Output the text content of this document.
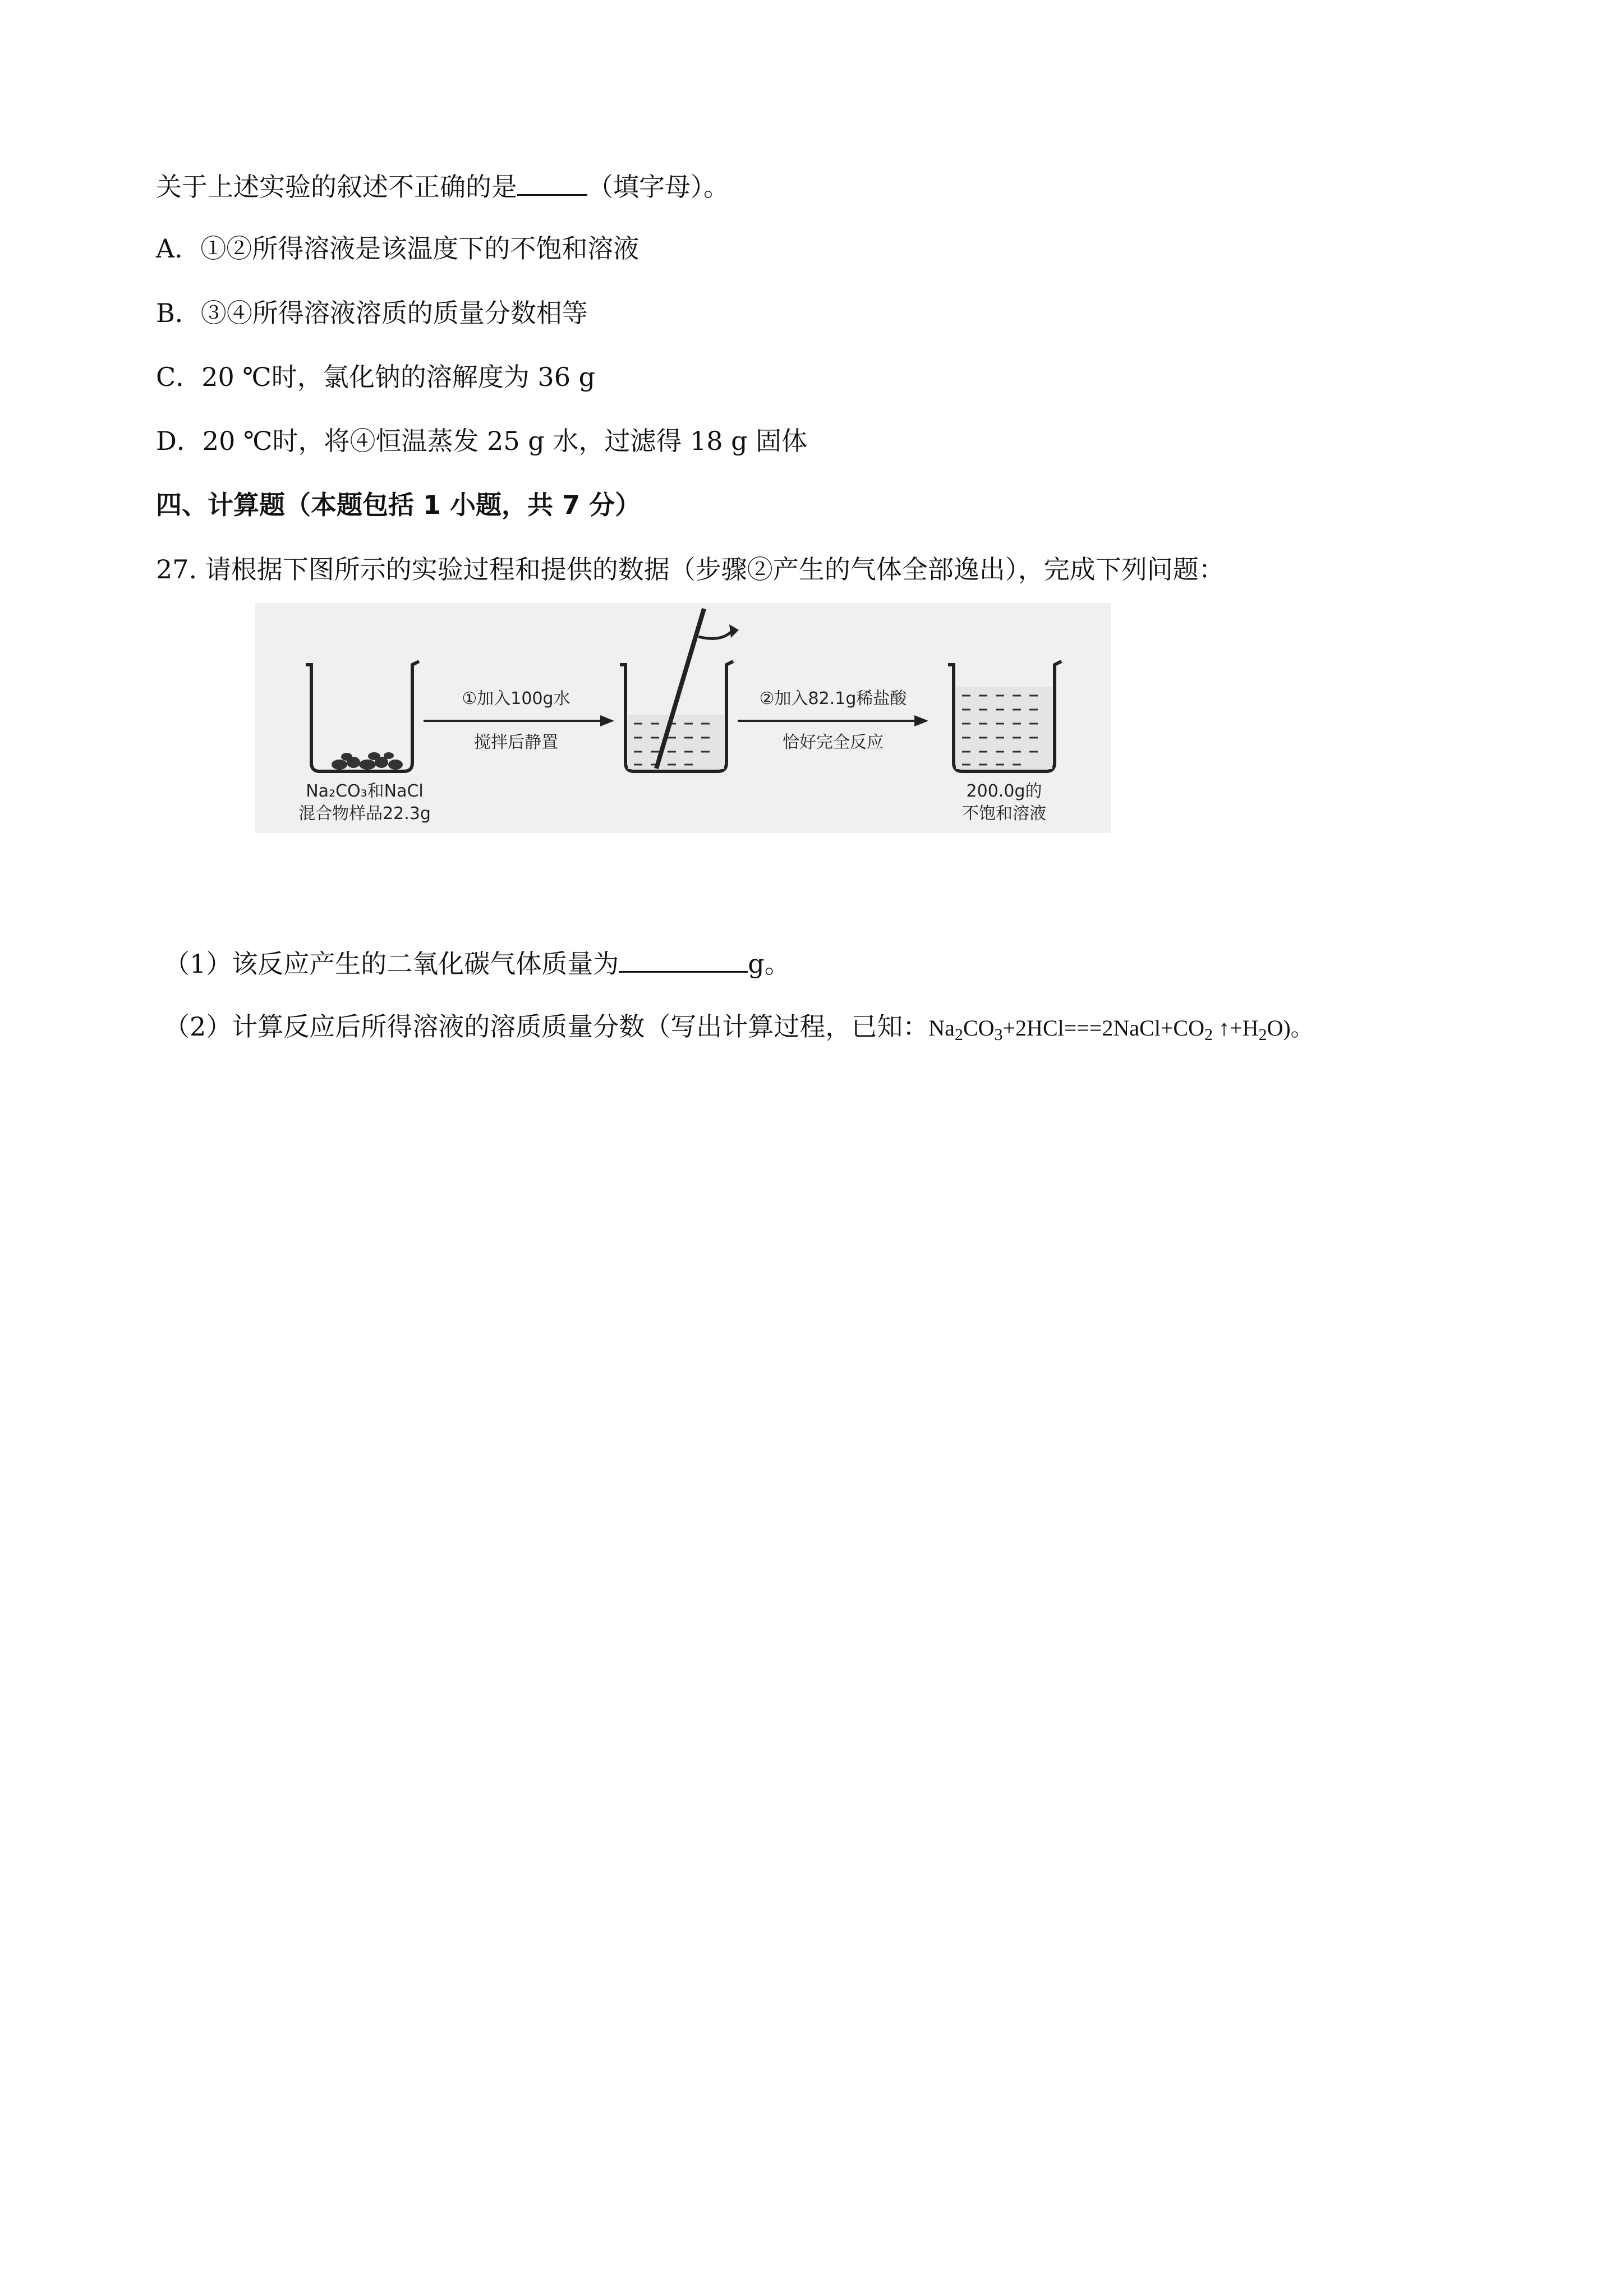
关于上述实验的叙述不正确的是	（填字母）。
A．①②所得溶液是该温度下的不饱和溶液
B．③④所得溶液溶质的质量分数相等
C．20 ℃时，氯化钠的溶解度为 36 g
D．20 ℃时，将④恒温蒸发 25 g 水，过滤得 18 g 固体
四、计算题（本题包括 1 小题，共 7 分）
27. 请根据下图所示的实验过程和提供的数据（步骤②产生的气体全部逸出），完成下列问题：
Na₂CO₃和NaCl
混合物样品22.3g
①加入100g水
搅拌后静置
②加入82.1g稀盐酸
恰好完全反应
200.0g的
不饱和溶液
（1）该反应产生的二氧化碳气体质量为	g。
（2）计算反应后所得溶液的溶质质量分数（写出计算过程，已知：$Na_2CO_3+2HCl===2NaCl+CO_2$ $↑+H_2O$)。
